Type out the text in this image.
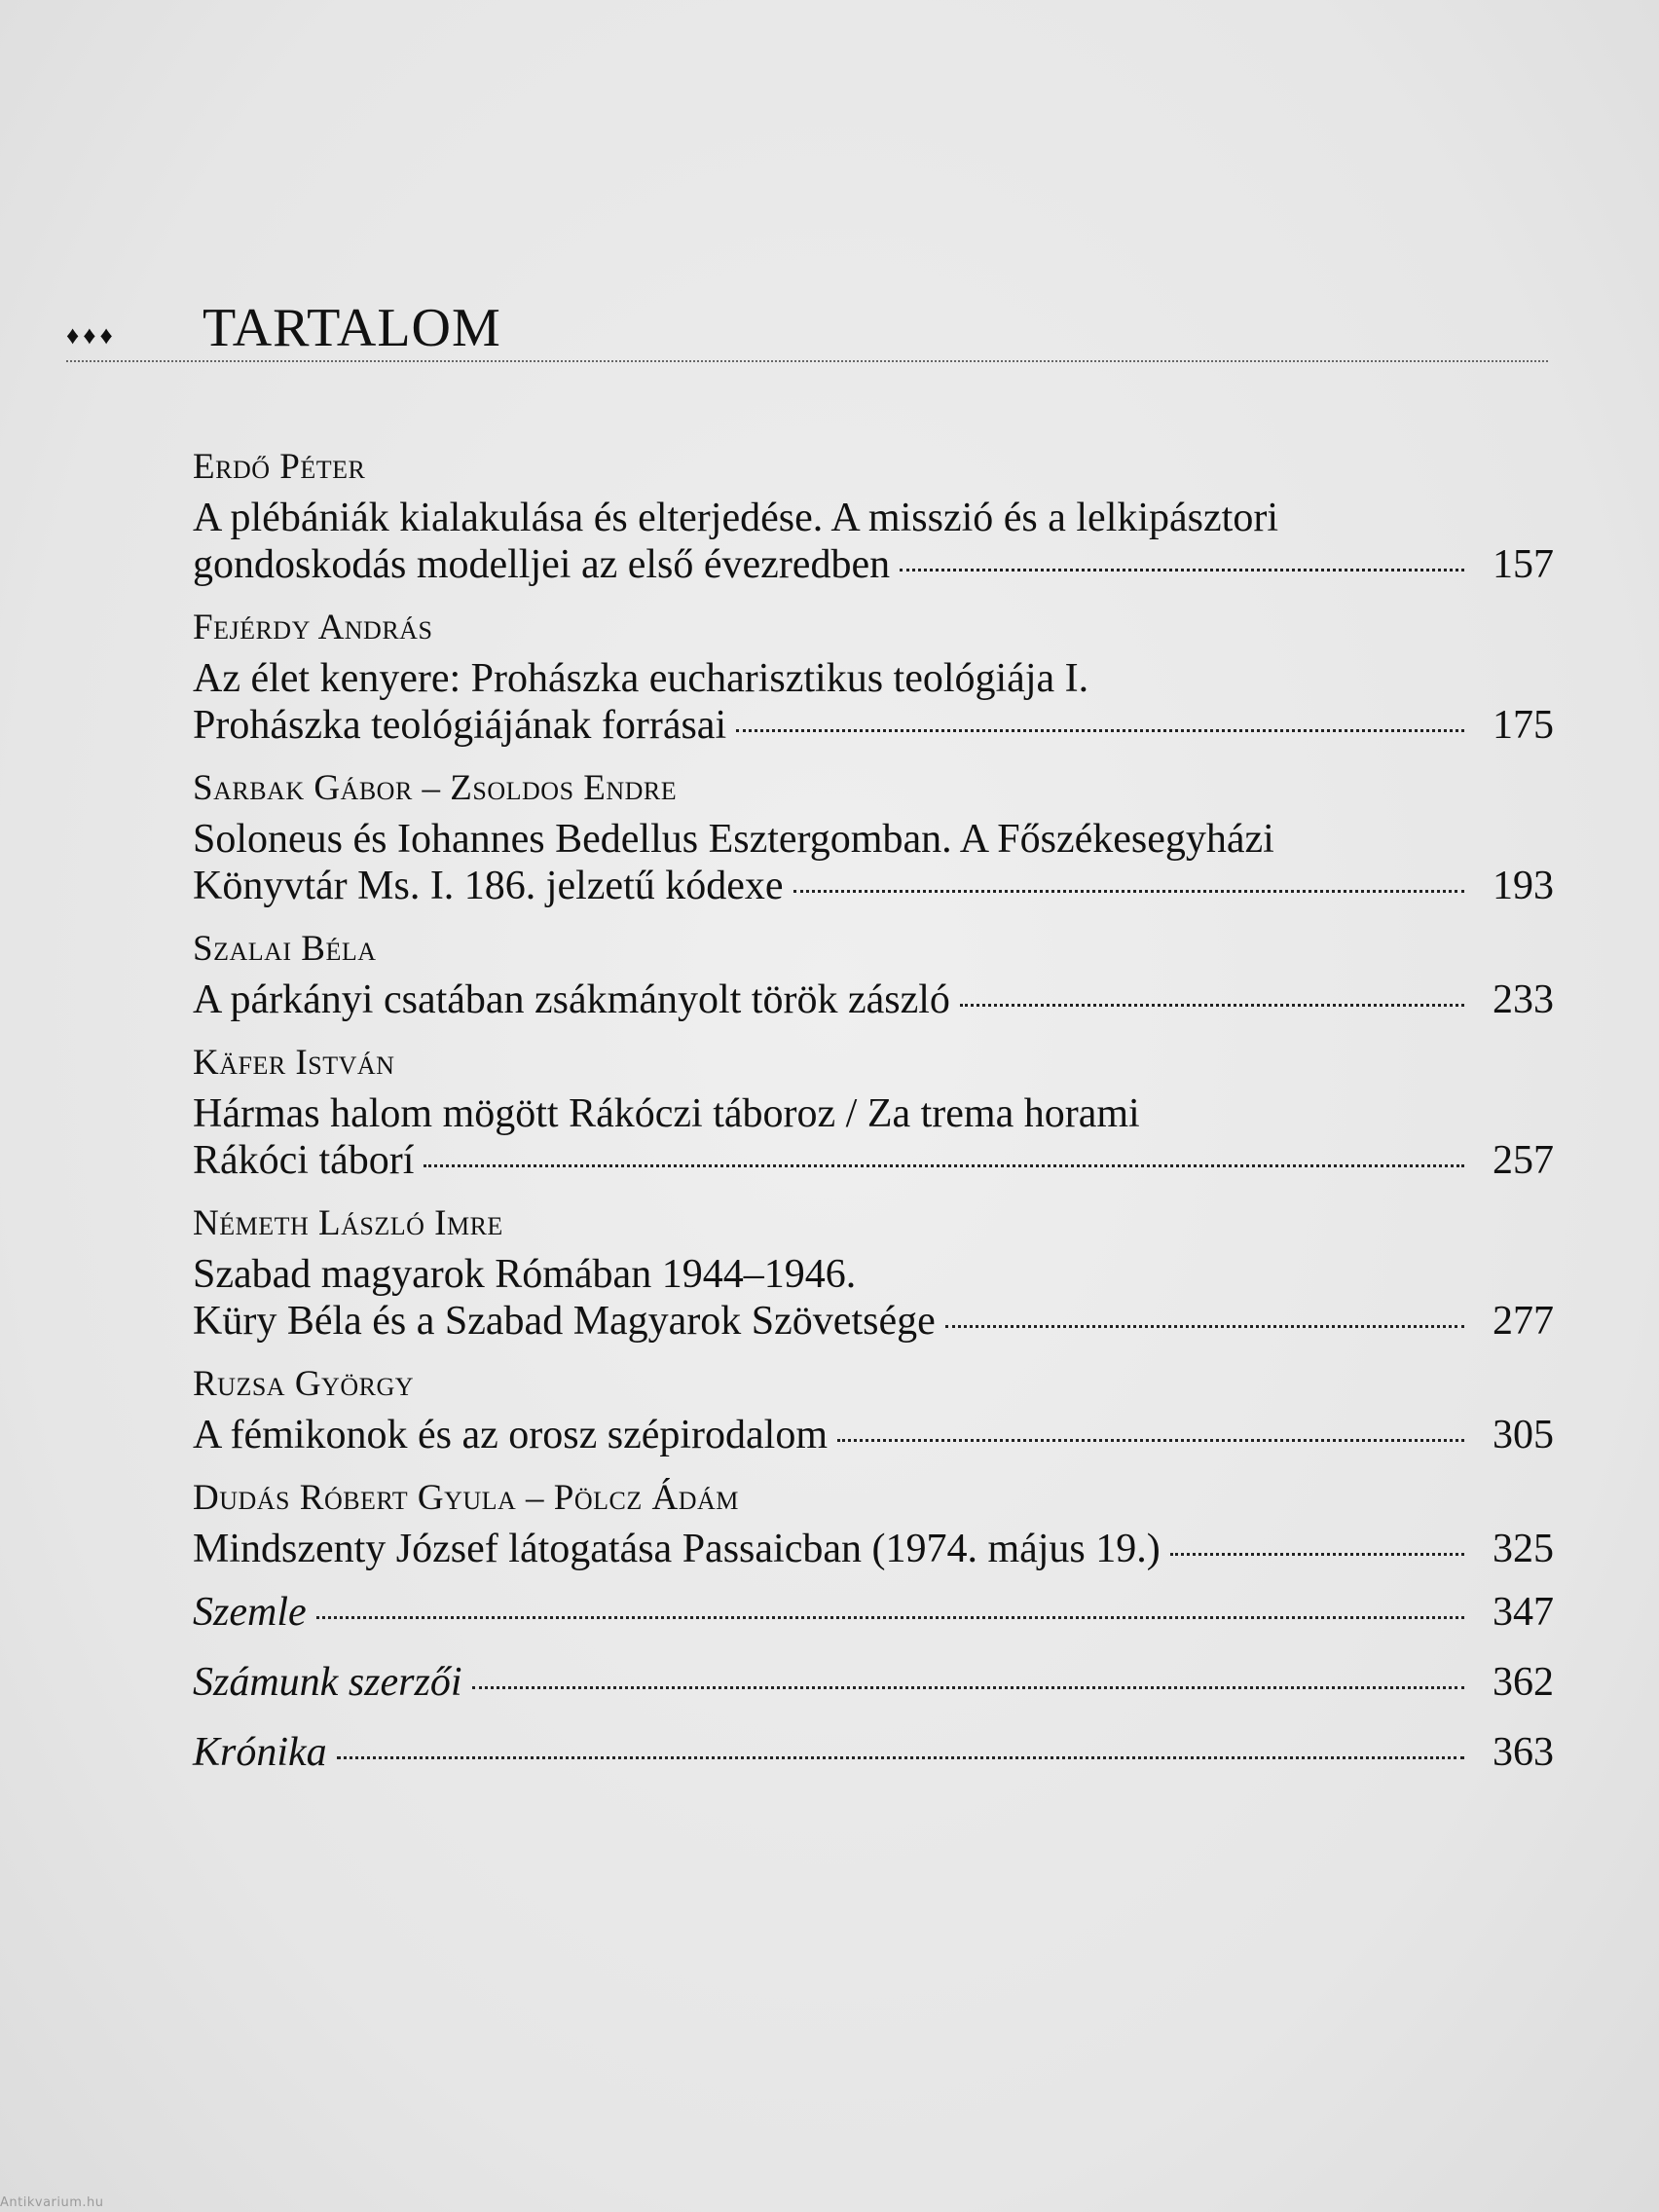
♦♦♦ TARTALOM
Erdő Péter
A plébániák kialakulása és elterjedése. A misszió és a lelkipásztori
gondoskodás modelljei az első évezredben	157
Fejérdy András
Az élet kenyere: Prohászka eucharisztikus teológiája I.
Prohászka teológiájának forrásai	175
Sarbak Gábor – Zsoldos Endre
Soloneus és Iohannes Bedellus Esztergomban. A Főszékesegyházi
Könyvtár Ms. I. 186. jelzetű kódexe	193
Szalai Béla
A párkányi csatában zsákmányolt török zászló	233
Käfer István
Hármas halom mögött Rákóczi táboroz / Za trema horami
Rákóci táborí	257
Németh László Imre
Szabad magyarok Rómában 1944–1946.
Küry Béla és a Szabad Magyarok Szövetsége	277
Ruzsa György
A fémikonok és az orosz szépirodalom	305
Dudás Róbert Gyula – Pölcz Ádám
Mindszenty József látogatása Passaicban (1974. május 19.)	325
Szemle	347
Számunk szerzői	362
Krónika	363
Antikvarium.hu
